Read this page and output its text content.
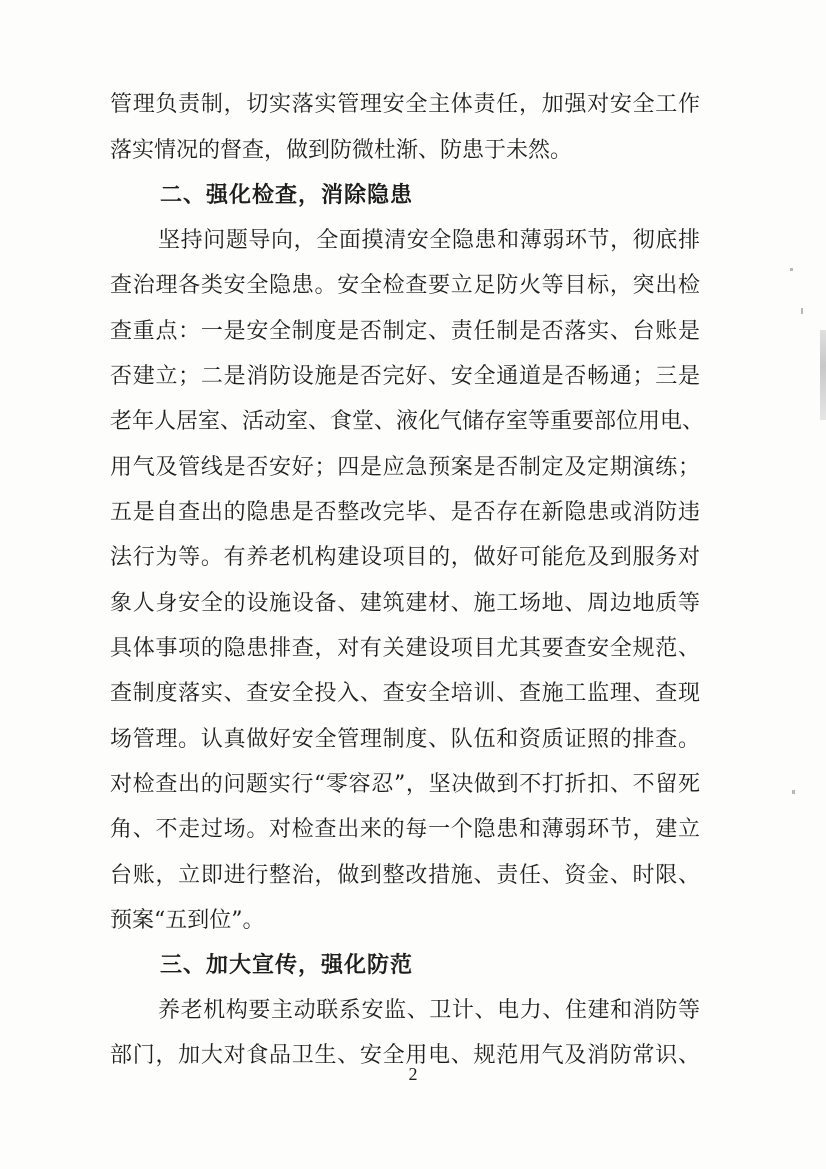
管理负责制，切实落实管理安全主体责任，加强对安全工作

落实情况的督查，做到防微杜渐、防患于未然。

二、强化检查，消除隐患

坚持问题导向，全面摸清安全隐患和薄弱环节，彻底排

查治理各类安全隐患。安全检查要立足防火等目标，突出检

查重点：一是安全制度是否制定、责任制是否落实、台账是

否建立；二是消防设施是否完好、安全通道是否畅通；三是

老年人居室、活动室、食堂、液化气储存室等重要部位用电、

用气及管线是否安好；四是应急预案是否制定及定期演练；

五是自查出的隐患是否整改完毕、是否存在新隐患或消防违

法行为等。有养老机构建设项目的，做好可能危及到服务对

象人身安全的设施设备、建筑建材、施工场地、周边地质等

具体事项的隐患排查，对有关建设项目尤其要查安全规范、

查制度落实、查安全投入、查安全培训、查施工监理、查现

场管理。认真做好安全管理制度、队伍和资质证照的排查。

对检查出的问题实行“零容忍”，坚决做到不打折扣、不留死

角、不走过场。对检查出来的每一个隐患和薄弱环节，建立

台账，立即进行整治，做到整改措施、责任、资金、时限、

预案“五到位”。

三、加大宣传，强化防范

养老机构要主动联系安监、卫计、电力、住建和消防等

部门，加大对食品卫生、安全用电、规范用气及消防常识、

2
